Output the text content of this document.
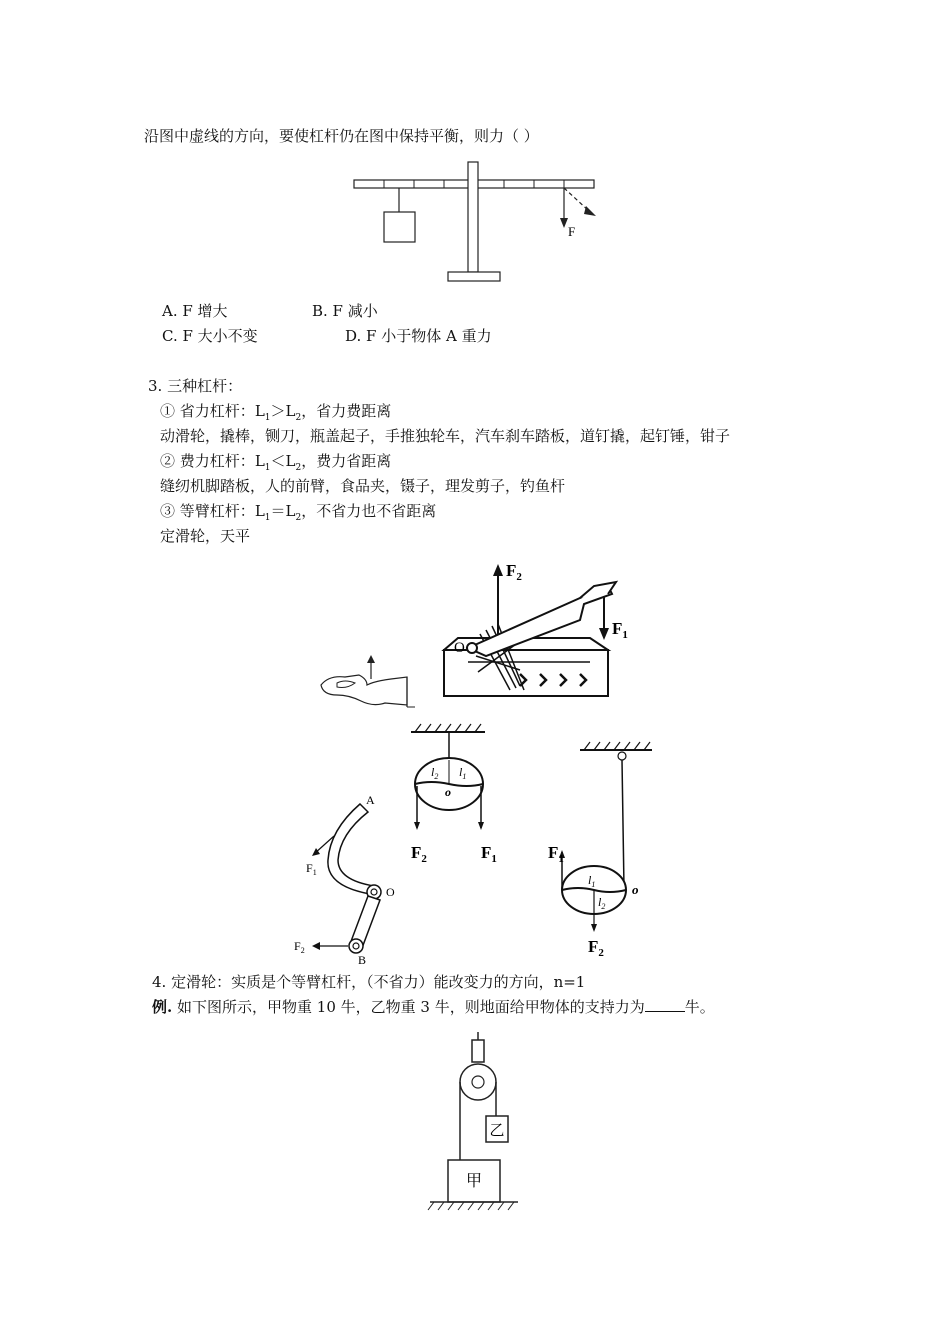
沿图中虚线的方向，要使杠杆仍在图中保持平衡，则力（ ）
F
A. F 增大	B. F 减小
C. F 大小不变	D. F 小于物体 A 重力
3. 三种杠杆：
① 省力杠杆：$L_1>L_2$，省力费距离
动滑轮，撬棒，铡刀，瓶盖起子，手推独轮车，汽车刹车踏板，道钉撬，起钉锤，钳子
② 费力杠杆：$L_1<L_2$，费力省距离
缝纫机脚踏板，人的前臂，食品夹，镊子，理发剪子，钓鱼杆
③ 等臂杠杆：$L_1=L_2$，不省力也不省距离
定滑轮，天平
$F_2$
O
$F_1$
$l_2$ $l_1$
o
$F_2$	$F_1$	$F_1$
$l_1$
$l_2$
o
$F_2$
A
$F_1$
O
B
$F_2$
4. 定滑轮：实质是个等臂杠杆，（不省力）能改变力的方向，n=1
例. 如下图所示，甲物重 10 牛，乙物重 3 牛，则地面给甲物体的支持力为	牛。
乙
甲
